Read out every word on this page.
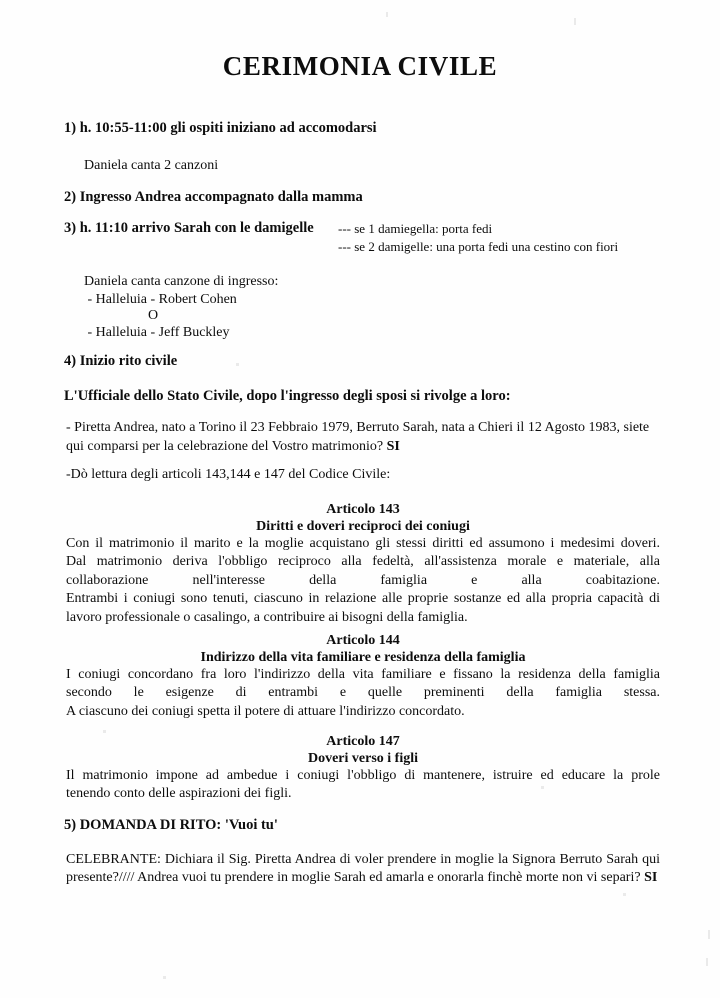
CERIMONIA CIVILE
1) h. 10:55-11:00 gli ospiti iniziano ad accomodarsi
Daniela canta 2 canzoni
2) Ingresso Andrea accompagnato dalla mamma
3) h. 11:10 arrivo Sarah con le damigelle --- se 1 damiegella: porta fedi
--- se 2 damigelle: una porta fedi una cestino con fiori
Daniela canta canzone di ingresso:
- Halleluia - Robert Cohen
O
- Halleluia - Jeff Buckley
4) Inizio rito civile
L'Ufficiale dello Stato Civile, dopo l'ingresso degli sposi si rivolge a loro:
- Piretta Andrea, nato a Torino il 23 Febbraio 1979, Berruto Sarah, nata a Chieri il 12 Agosto 1983, siete qui comparsi per la celebrazione del Vostro matrimonio? SI
-Dò lettura degli articoli 143,144 e 147 del Codice Civile:
Articolo 143
Diritti e doveri reciproci dei coniugi
Con il matrimonio il marito e la moglie acquistano gli stessi diritti ed assumono i medesimi doveri.
Dal matrimonio deriva l'obbligo reciproco alla fedeltà, all'assistenza morale e materiale, alla
collaborazione nell'interesse della famiglia e alla coabitazione.
Entrambi i coniugi sono tenuti, ciascuno in relazione alle proprie sostanze ed alla propria capacità di
lavoro professionale o casalingo, a contribuire ai bisogni della famiglia.
Articolo 144
Indirizzo della vita familiare e residenza della famiglia
I coniugi concordano fra loro l'indirizzo della vita familiare e fissano la residenza della famiglia
secondo le esigenze di entrambi e quelle preminenti della famiglia stessa.
A ciascuno dei coniugi spetta il potere di attuare l'indirizzo concordato.
Articolo 147
Doveri verso i figli
Il matrimonio impone ad ambedue i coniugi l'obbligo di mantenere, istruire ed educare la prole
tenendo conto delle aspirazioni dei figli.
5) DOMANDA DI RITO: 'Vuoi tu'
CELEBRANTE: Dichiara il Sig. Piretta Andrea di voler prendere in moglie la Signora Berruto Sarah qui presente?//// Andrea vuoi tu prendere in moglie Sarah ed amarla e onorarla finchè morte non vi separi? SI
